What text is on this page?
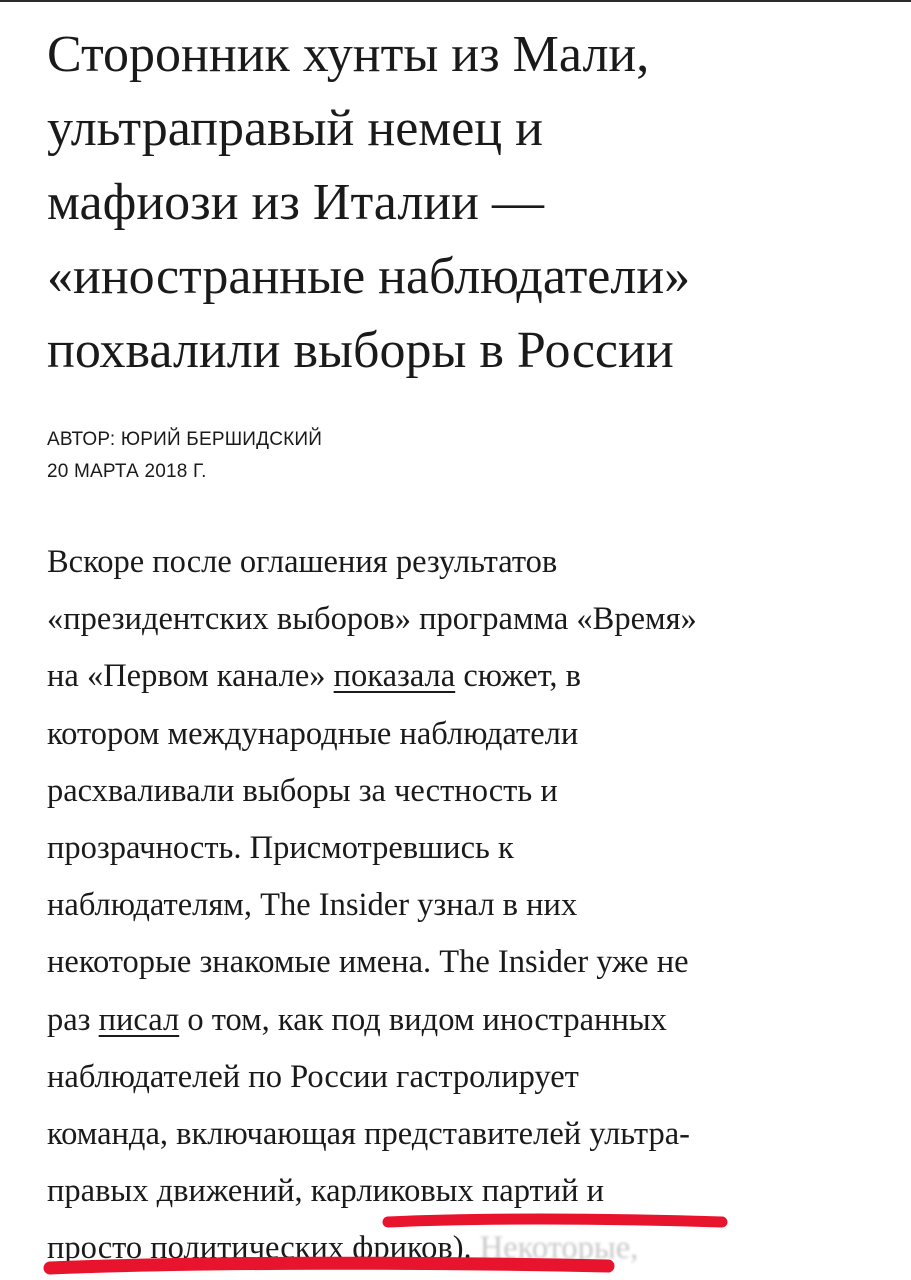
Сторонник хунты из Мали,
ультраправый немец и
мафиози из Италии —
«иностранные наблюдатели»
похвалили выборы в России
АВТОР: ЮРИЙ БЕРШИДСКИЙ
20 МАРТА 2018 Г.
Вскоре после оглашения результатов
«президентских выборов» программа «Время»
на «Первом канале» показала сюжет, в
котором международные наблюдатели
расхваливали выборы за честность и
прозрачность. Присмотревшись к
наблюдателям, The Insider узнал в них
некоторые знакомые имена. The Insider уже не
раз писал о том, как под видом иностранных
наблюдателей по России гастролирует
команда, включающая представителей ультра-
правых движений, карликовых партий и
просто политических фриков). Некоторые,
